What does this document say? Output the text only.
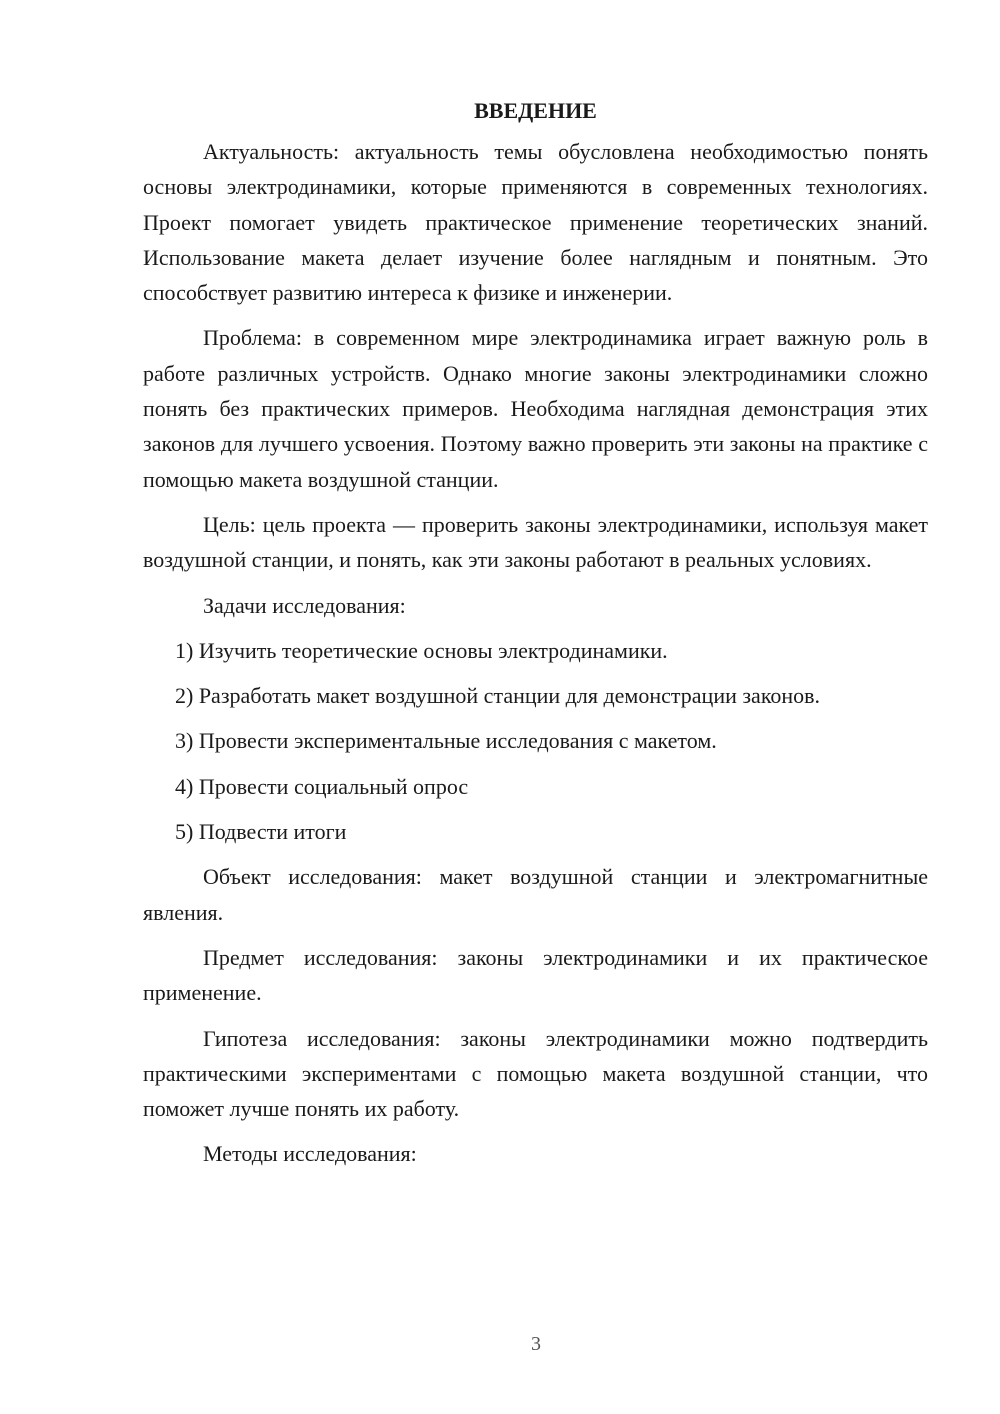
ВВЕДЕНИЕ

Актуальность: актуальность темы обусловлена необходимостью понять основы электродинамики, которые применяются в современных технологиях. Проект помогает увидеть практическое применение теоретических знаний. Использование макета делает изучение более наглядным и понятным. Это способствует развитию интереса к физике и инженерии.

Проблема: в современном мире электродинамика играет важную роль в работе различных устройств. Однако многие законы электродинамики сложно понять без практических примеров. Необходима наглядная демонстрация этих законов для лучшего усвоения. Поэтому важно проверить эти законы на практике с помощью макета воздушной станции.

Цель: цель проекта — проверить законы электродинамики, используя макет воздушной станции, и понять, как эти законы работают в реальных условиях.

Задачи исследования:

1) Изучить теоретические основы электродинамики.
2) Разработать макет воздушной станции для демонстрации законов.
3) Провести экспериментальные исследования с макетом.
4) Провести социальный опрос
5) Подвести итоги

Объект исследования: макет воздушной станции и электромагнитные явления.

Предмет исследования: законы электродинамики и их практическое применение.

Гипотеза исследования: законы электродинамики можно подтвердить практическими экспериментами с помощью макета воздушной станции, что поможет лучше понять их работу.

Методы исследования:

3
